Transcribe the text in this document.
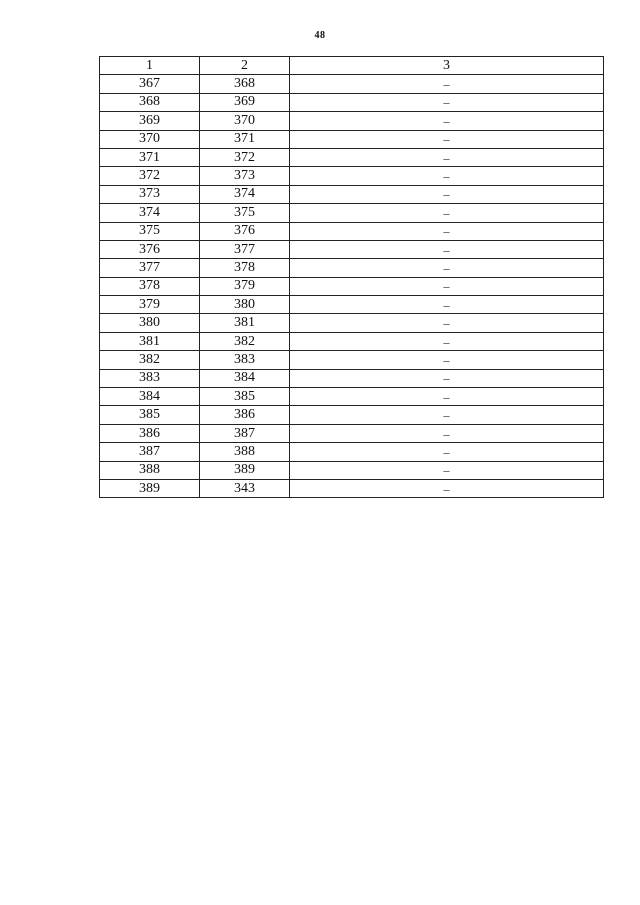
48
1	2	3
367	368	–
368	369	–
369	370	–
370	371	–
371	372	–
372	373	–
373	374	–
374	375	–
375	376	–
376	377	–
377	378	–
378	379	–
379	380	–
380	381	–
381	382	–
382	383	–
383	384	–
384	385	–
385	386	–
386	387	–
387	388	–
388	389	–
389	343	–
